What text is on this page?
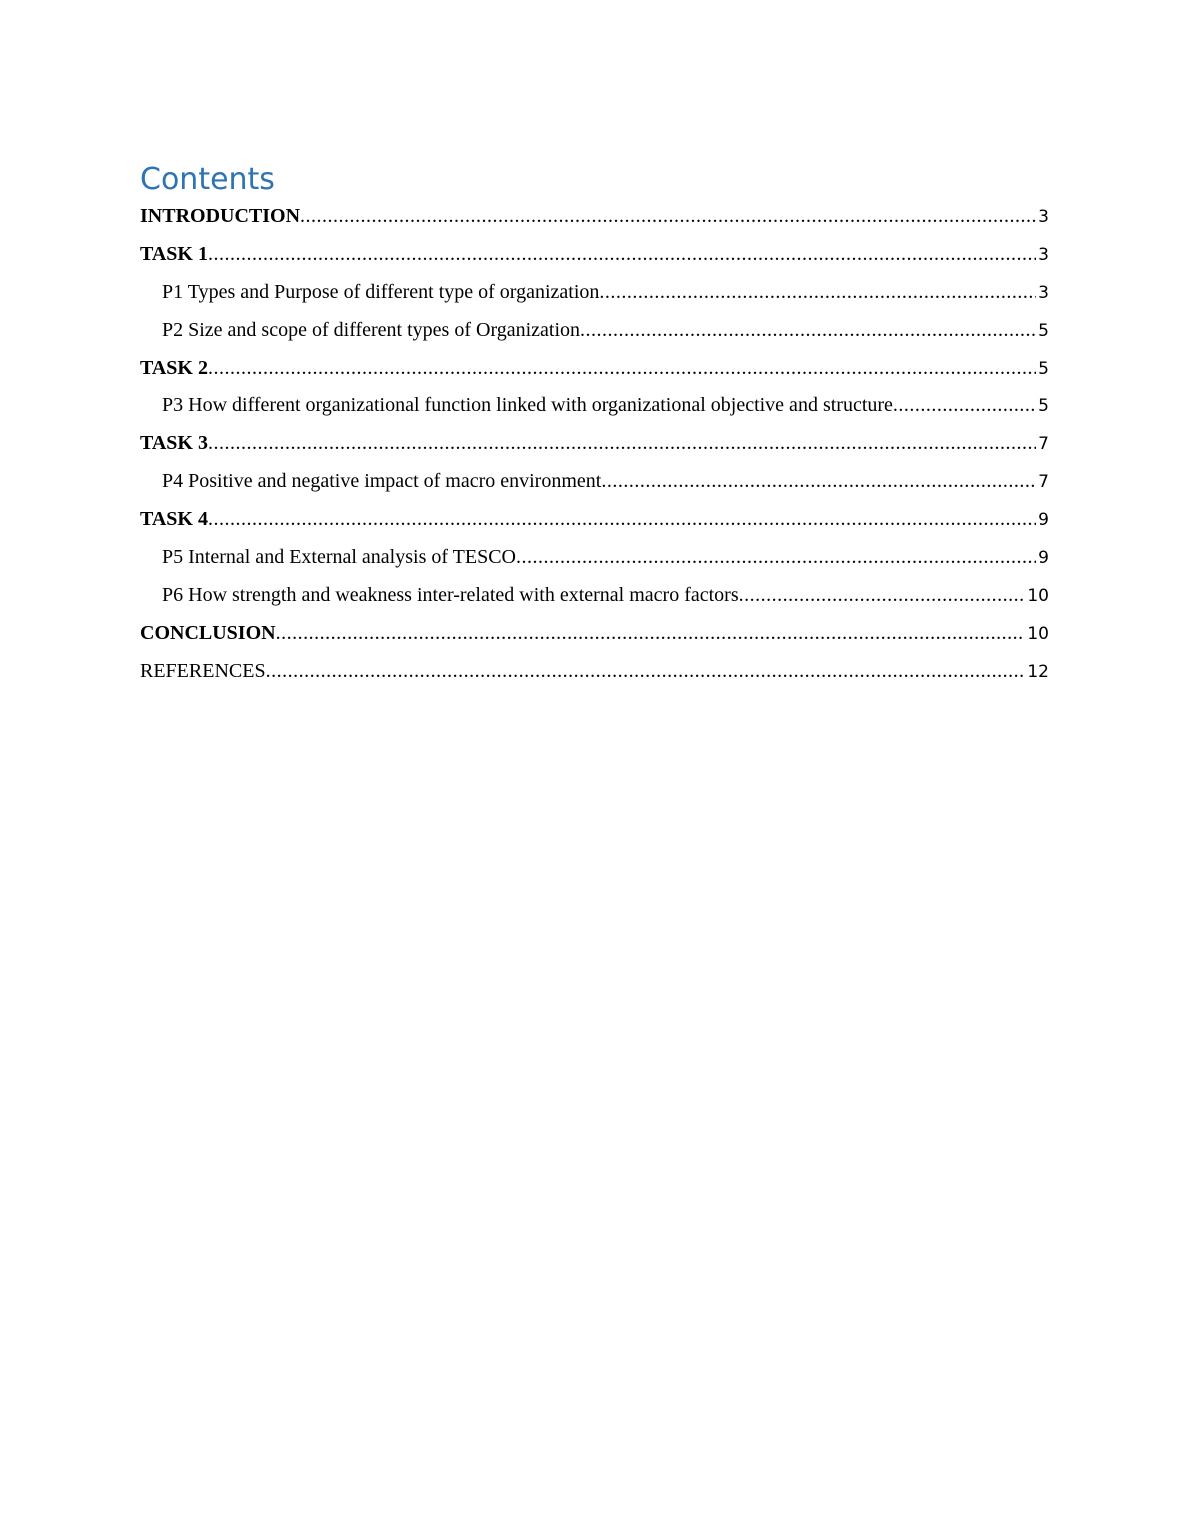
Contents
INTRODUCTION .....	3
TASK 1 .....	3
P1 Types and Purpose of different type of organization .....	3
P2 Size and scope of different types of Organization .....	5
TASK 2 .....	5
P3 How different organizational function linked with organizational objective and structure .....	5
TASK 3 .....	7
P4 Positive and negative impact of macro environment .....	7
TASK 4 .....	9
P5 Internal and External analysis of TESCO .....	9
P6 How strength and weakness inter-related with external macro factors .....	10
CONCLUSION .....	10
REFERENCES .....	12
